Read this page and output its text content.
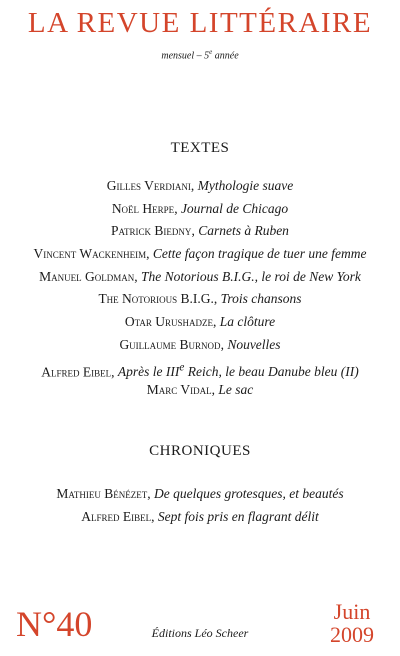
LA REVUE LITTÉRAIRE
mensuel – 5e année
TEXTES
Gilles Verdiani, Mythologie suave
Noël Herpe, Journal de Chicago
Patrick Biedny, Carnets à Ruben
Vincent Wackenheim, Cette façon tragique de tuer une femme
Manuel Goldman, The Notorious B.I.G., le roi de New York
The Notorious B.I.G., Trois chansons
Otar Urushadze, La clôture
Guillaume Burnod, Nouvelles
Alfred Eibel, Après le IIIe Reich, le beau Danube bleu (II)
Marc Vidal, Le sac
CHRONIQUES
Mathieu Bénézet, De quelques grotesques, et beautés
Alfred Eibel, Sept fois pris en flagrant délit
N°40	Éditions Léo Scheer
Juin
2009
